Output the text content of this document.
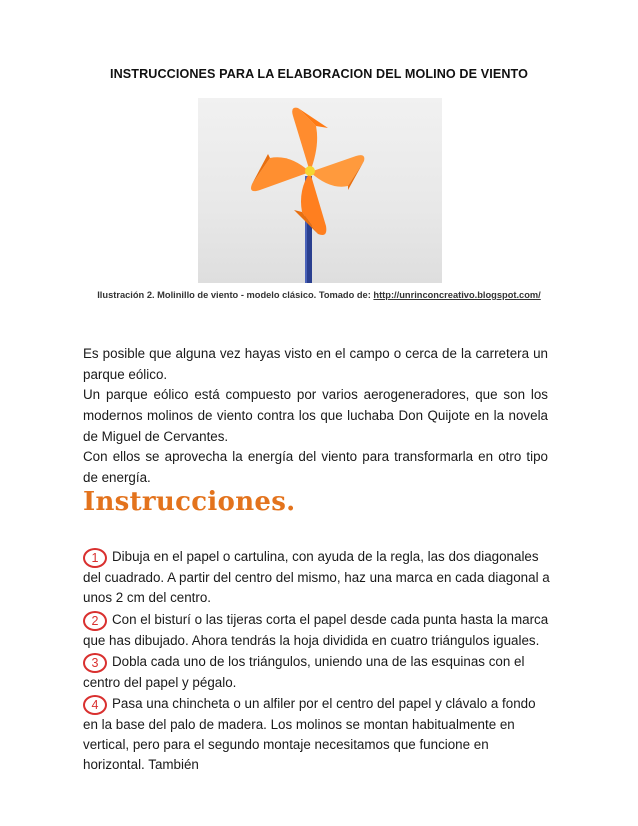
INSTRUCCIONES PARA LA ELABORACION DEL MOLINO DE VIENTO
Ilustración 2. Molinillo de viento - modelo clásico. Tomado de: http://unrinconcreativo.blogspot.com/
Es posible que alguna vez hayas visto en el campo o cerca de la carretera un parque eólico.
Un parque eólico está compuesto por varios aerogeneradores, que son los modernos molinos de viento contra los que luchaba Don Quijote en la novela de Miguel de Cervantes.
Con ellos se aprovecha la energía del viento para transformarla en otro tipo de energía.
Instrucciones.
1 Dibuja en el papel o cartulina, con ayuda de la regla, las dos diagonales del cuadrado. A partir del centro del mismo, haz una marca en cada diagonal a unos 2 cm del centro.
2 Con el bisturí o las tijeras corta el papel desde cada punta hasta la marca que has dibujado. Ahora tendrás la hoja dividida en cuatro triángulos iguales.
3 Dobla cada uno de los triángulos, uniendo una de las esquinas con el centro del papel y pégalo.
4 Pasa una chincheta o un alfiler por el centro del papel y clávalo a fondo en la base del palo de madera. Los molinos se montan habitualmente en vertical, pero para el segundo montaje necesitamos que funcione en horizontal. También
